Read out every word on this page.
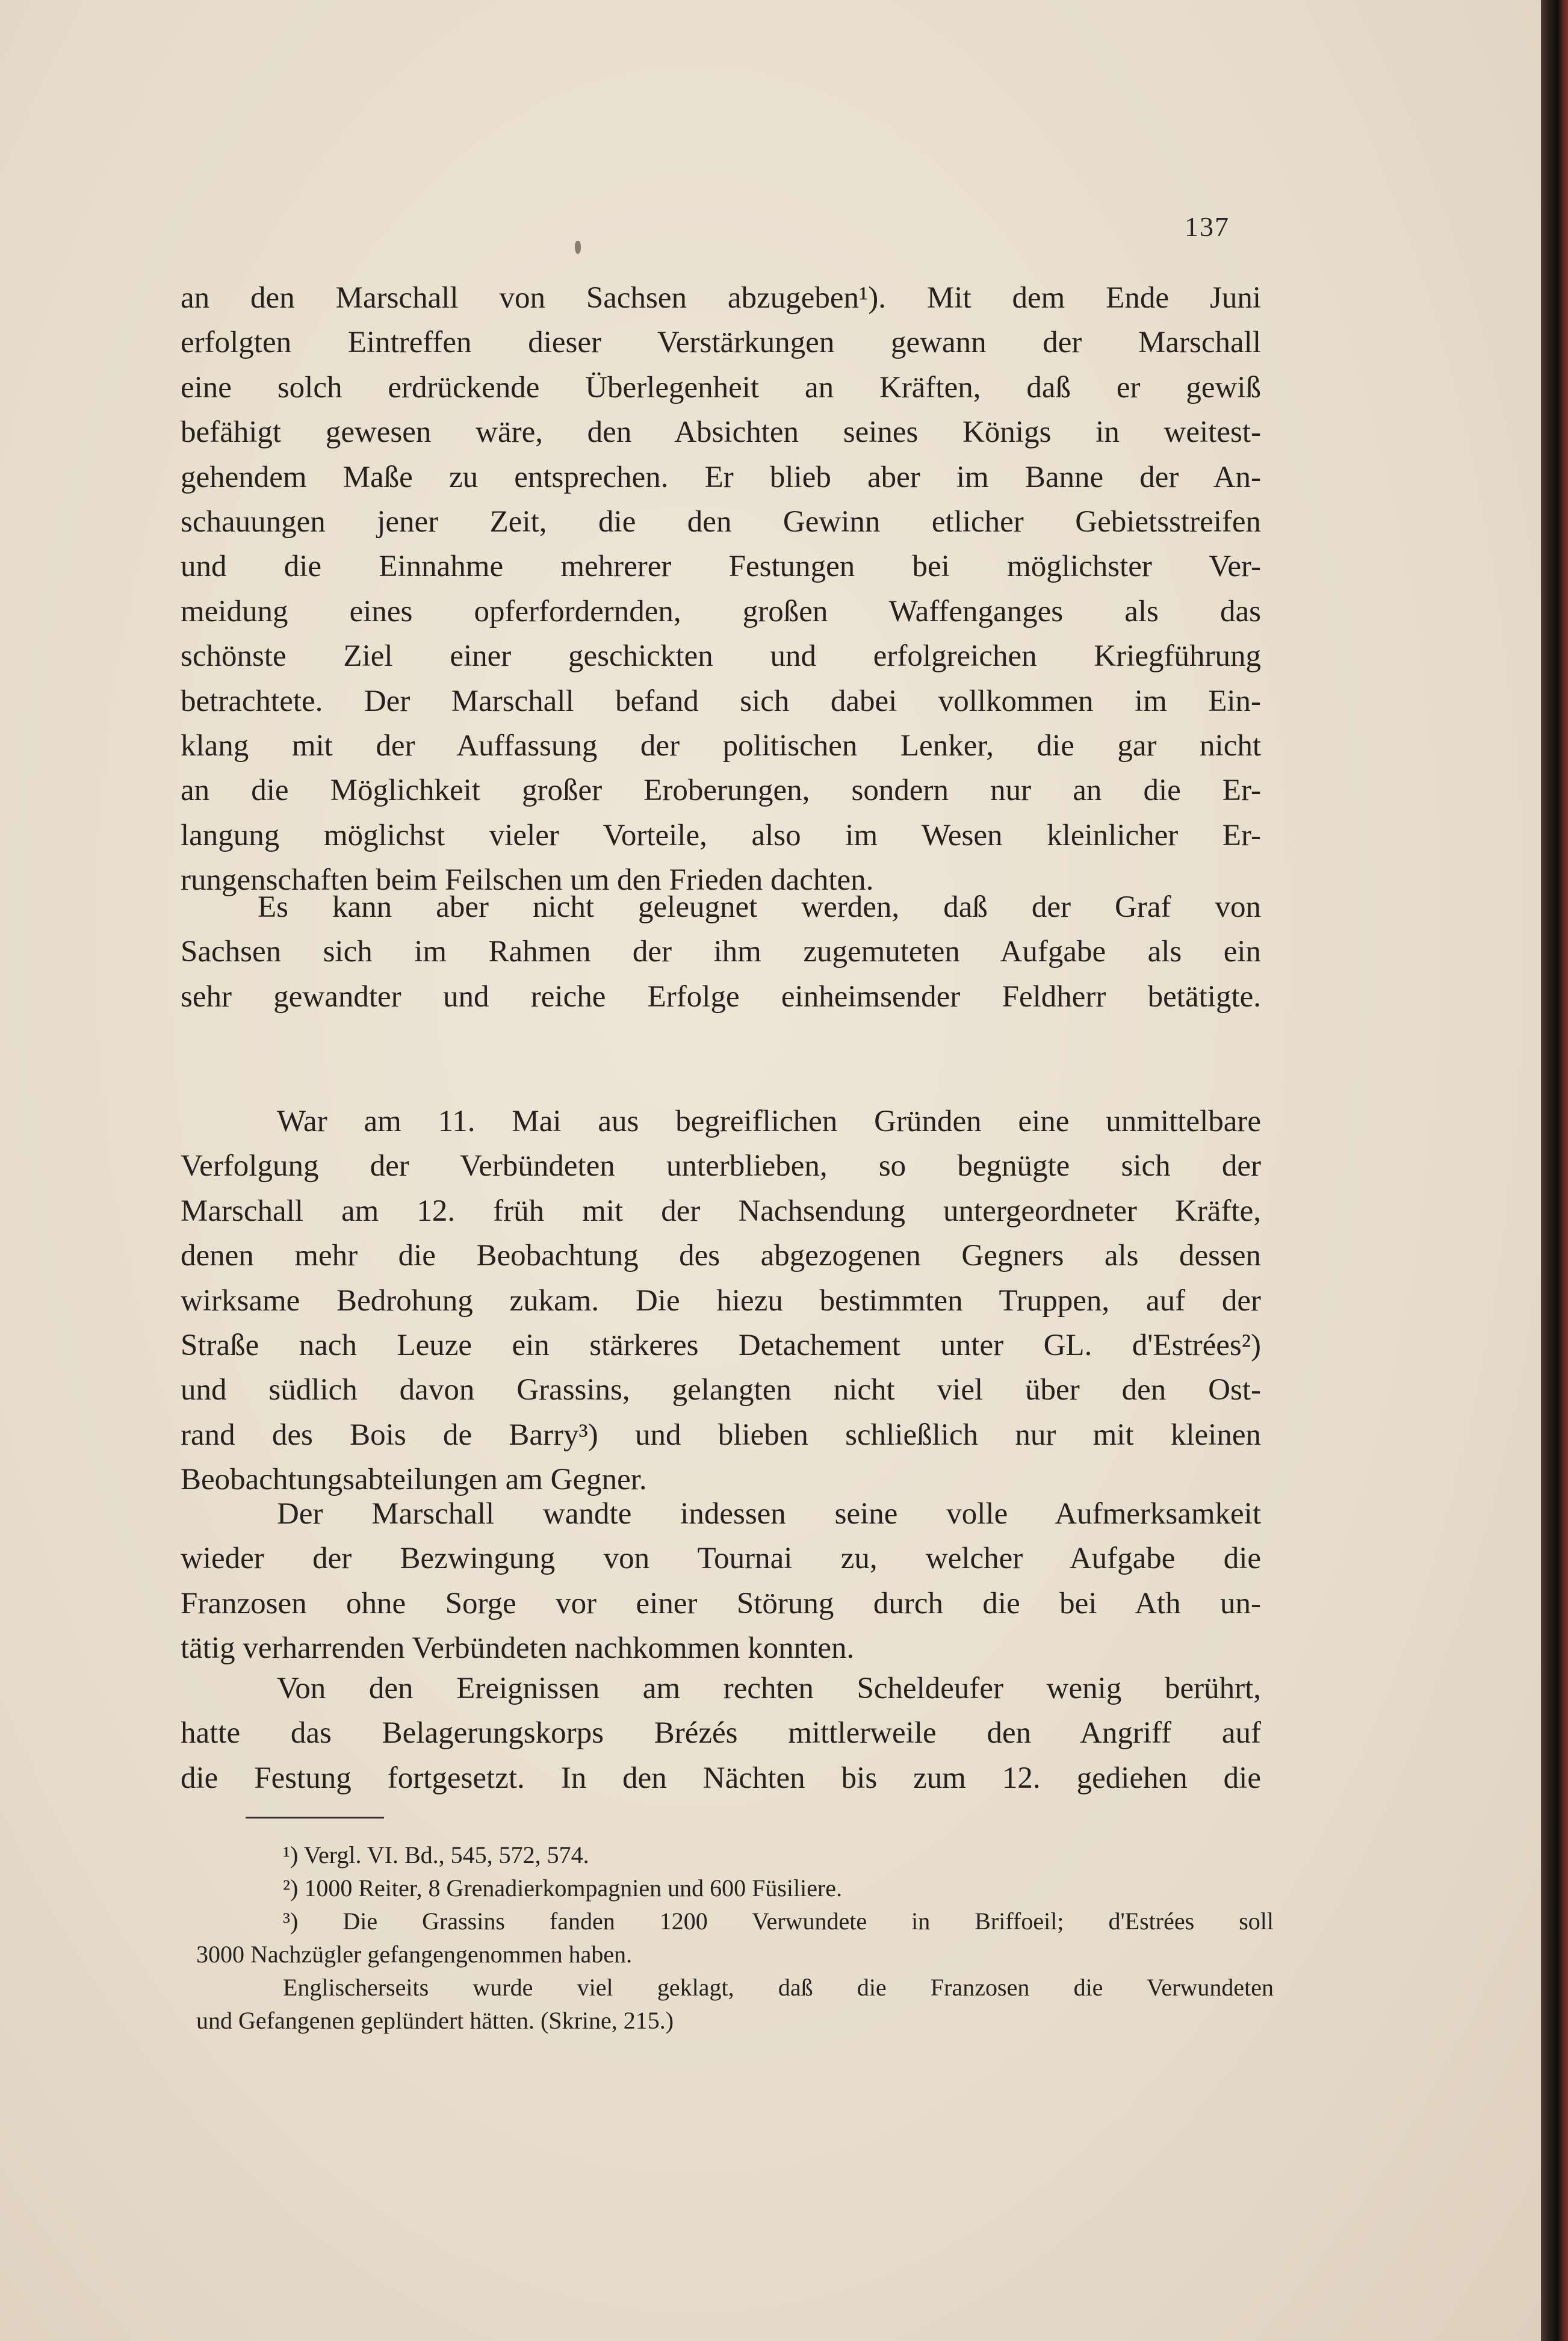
137
an den Marschall von Sachsen abzugeben¹). Mit dem Ende Juni
erfolgten Eintreffen dieser Verstärkungen gewann der Marschall
eine solch erdrückende Überlegenheit an Kräften, daß er gewiß
befähigt gewesen wäre, den Absichten seines Königs in weitest-
gehendem Maße zu entsprechen. Er blieb aber im Banne der An-
schauungen jener Zeit, die den Gewinn etlicher Gebietsstreifen
und die Einnahme mehrerer Festungen bei möglichster Ver-
meidung eines opferfordernden, großen Waffenganges als das
schönste Ziel einer geschickten und erfolgreichen Kriegführung
betrachtete. Der Marschall befand sich dabei vollkommen im Ein-
klang mit der Auffassung der politischen Lenker, die gar nicht
an die Möglichkeit großer Eroberungen, sondern nur an die Er-
langung möglichst vieler Vorteile, also im Wesen kleinlicher Er-
rungenschaften beim Feilschen um den Frieden dachten.
Es kann aber nicht geleugnet werden, daß der Graf von
Sachsen sich im Rahmen der ihm zugemuteten Aufgabe als ein
sehr gewandter und reiche Erfolge einheimsender Feldherr betätigte.
War am 11. Mai aus begreiflichen Gründen eine unmittelbare
Verfolgung der Verbündeten unterblieben, so begnügte sich der
Marschall am 12. früh mit der Nachsendung untergeordneter Kräfte,
denen mehr die Beobachtung des abgezogenen Gegners als dessen
wirksame Bedrohung zukam. Die hiezu bestimmten Truppen, auf der
Straße nach Leuze ein stärkeres Detachement unter GL. d'Estrées²)
und südlich davon Grassins, gelangten nicht viel über den Ost-
rand des Bois de Barry³) und blieben schließlich nur mit kleinen
Beobachtungsabteilungen am Gegner.
Der Marschall wandte indessen seine volle Aufmerksamkeit
wieder der Bezwingung von Tournai zu, welcher Aufgabe die
Franzosen ohne Sorge vor einer Störung durch die bei Ath un-
tätig verharrenden Verbündeten nachkommen konnten.
Von den Ereignissen am rechten Scheldeufer wenig berührt,
hatte das Belagerungskorps Brézés mittlerweile den Angriff auf
die Festung fortgesetzt. In den Nächten bis zum 12. gediehen die
¹) Vergl. VI. Bd., 545, 572, 574.
²) 1000 Reiter, 8 Grenadierkompagnien und 600 Füsiliere.
³) Die Grassins fanden 1200 Verwundete in Briffoeil; d'Estrées soll
3000 Nachzügler gefangengenommen haben.
Englischerseits wurde viel geklagt, daß die Franzosen die Verwundeten
und Gefangenen geplündert hätten. (Skrine, 215.)
